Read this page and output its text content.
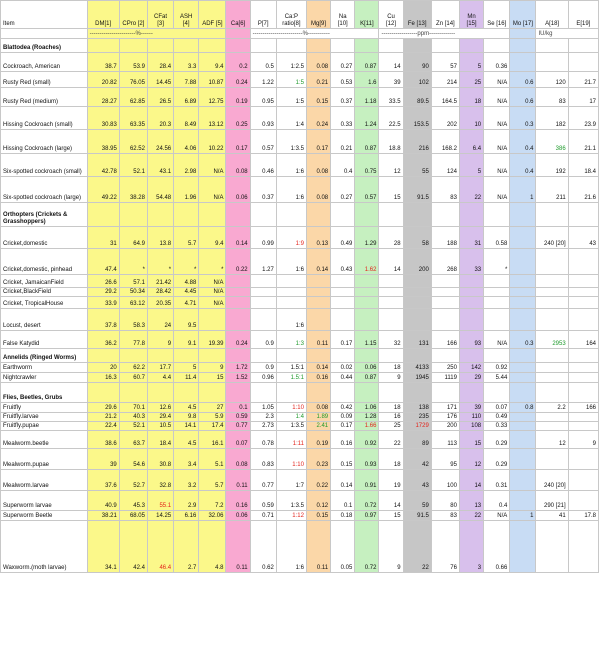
Item	DM[1]	CPro [2]	CFat [3]	ASH [4]	ADF [5]	Ca[6]	P[7]	Ca:P ratio[8]	Mg[9]	Na [10]	K[11]	Cu [12]	Fe [13]	Zn [14]	Mn [15]	Se [16]	Mo [17]	A[18]	E[19]
	-----------------------%------						-------------------------%-----------					------------------ppm-------------						IU/kg	
Blattodea (Roaches)																			
Cockroach, American	38.7	53.9	28.4	3.3	9.4	0.2	0.5	1:2.5	0.08	0.27	0.87	14	90	57	5	0.36			
Rusty Red (small)	20.82	76.05	14.45	7.88	10.87	0.24	1.22	1:5	0.21	0.53	1.6	39	102	214	25	N/A	0.6	120	21.7
Rusty Red (medium)	28.27	62.85	26.5	6.89	12.75	0.19	0.95	1:5	0.15	0.37	1.18	33.5	89.5	164.5	18	N/A	0.6	83	17
Hissing Cockroach (small)	30.83	63.35	20.3	8.49	13.12	0.25	0.93	1:4	0.24	0.33	1.24	22.5	153.5	202	10	N/A	0.3	182	23.9
Hissing Cockroach (large)	38.95	62.52	24.56	4.06	10.22	0.17	0.57	1:3.5	0.17	0.21	0.87	18.8	216	168.2	6.4	N/A	0.4	386	21.1
Six-spotted cockroach (small)	42.78	52.1	43.1	2.98	N/A	0.08	0.46	1:6	0.08	0.4	0.75	12	55	124	5	N/A	0.4	192	18.4
Six-spotted cockroach (large)	49.22	38.28	54.48	1.96	N/A	0.06	0.37	1:6	0.08	0.27	0.57	15	91.5	83	22	N/A	1	211	21.6
Orthopters (Crickets & Grasshoppers)																			
Cricket,domestic	31	64.9	13.8	5.7	9.4	0.14	0.99	1:9	0.13	0.49	1.29	28	58	188	31	0.58		240 [20]	43
Cricket,domestic, pinhead	47.4	*	*	*	*	0.22	1.27	1:6	0.14	0.43	1.62	14	200	268	33	*			
Cricket, JamaicanField	26.6	57.1	21.42	4.88	N/A														
Cricket,BlackField	29.2	50.34	28.42	4.45	N/A														
Cricket, TropicalHouse	33.9	63.12	20.35	4.71	N/A														
Locust, desert	37.8	58.3	24	9.5				1:6											
False Katydid	36.2	77.8	9	9.1	19.39	0.24	0.9	1:3	0.11	0.17	1.15	32	131	166	93	N/A	0.3	2953	164
Annelids (Ringed Worms)																			
Earthworm	20	62.2	17.7	5	9	1.72	0.9	1.5:1	0.14	0.02	0.06	18	4133	250	142	0.92			
Nightcrawler	16.3	60.7	4.4	11.4	15	1.52	0.96	1.5:1	0.16	0.44	0.87	9	1945	1119	29	5.44			
Flies, Beetles, Grubs																			
Fruitfly	29.6	70.1	12.6	4.5	27	0.1	1.05	1:10	0.08	0.42	1.06	18	138	171	39	0.07	0.8	2.2	166
Fruitfly.larvae	21.2	40.3	29.4	9.8	5.9	0.59	2.3	1:4	1.89	0.09	1.28	16	235	176	110	0.49			
Fruitfly.pupae	22.4	52.1	10.5	14.1	17.4	0.77	2.73	1:3.5	2.41	0.17	1.66	25	1729	200	108	0.33			
Mealworm.beetle	38.6	63.7	18.4	4.5	16.1	0.07	0.78	1:11	0.19	0.16	0.92	22	89	113	15	0.29		12	9
Mealworm.pupae	39	54.6	30.8	3.4	5.1	0.08	0.83	1:10	0.23	0.15	0.93	18	42	95	12	0.29			
Mealworm.larvae	37.6	52.7	32.8	3.2	5.7	0.11	0.77	1:7	0.22	0.14	0.91	19	43	100	14	0.31		240 [20]	
Superworm larvae	40.9	45.3	55.1	2.9	7.2	0.16	0.59	1:3.5	0.12	0.1	0.72	14	59	80	13	0.4		290 [21]	
Superworm Beetle	38.21	68.05	14.25	6.16	32.06	0.06	0.71	1:12	0.15	0.18	0.97	15	91.5	83	22	N/A	1	41	17.8
Waxworm.(moth larvae)	34.1	42.4	46.4	2.7	4.8	0.11	0.62	1:6	0.11	0.05	0.72	9	22	76	3	0.66			
